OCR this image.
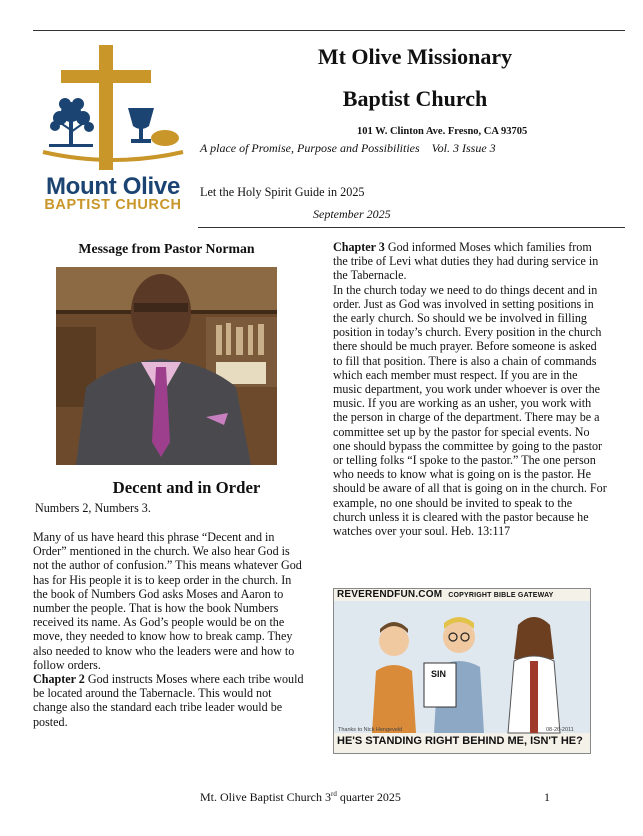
Mount Olive
BAPTIST CHURCH
Mt Olive Missionary
Baptist Church
101 W. Clinton Ave. Fresno, CA 93705
A place of Promise, Purpose and Possibilities Vol. 3 Issue 3
Let the Holy Spirit Guide in 2025
September 2025
Message from Pastor Norman
Decent and in Order
Numbers 2, Numbers 3.

Many of us have heard this phrase “Decent and in Order” mentioned in the church. We also hear God is not the author of confusion.” This means whatever God has for His people it is to keep order in the church. In the book of Numbers God asks Moses and Aaron to number the people. That is how the book Numbers received its name. As God’s people would be on the move, they needed to know how to break camp. They also needed to know who the leaders were and how to follow orders.

Chapter 2 God instructs Moses where each tribe would be located around the Tabernacle. This would not change also the standard each tribe leader would be posted.

Chapter 3 God informed Moses which families from the tribe of Levi what duties they had during service in the Tabernacle.

In the church today we need to do things decent and in order. Just as God was involved in setting positions in the early church. So should we be involved in filling position in today’s church. Every position in the church there should be much prayer. Before someone is asked to fill that position. There is also a chain of commands which each member must respect. If you are in the music department, you work under whoever is over the music. If you are working as an usher, you work with the person in charge of the department. There may be a committee set up by the pastor for special events. No one should bypass the committee by going to the pastor or telling folks “I spoke to the pastor.” The one person who needs to know what is going on is the pastor. He should be aware of all that is going on in the church. For example, no one should be invited to speak to the church unless it is cleared with the pastor because he watches over your soul. Heb. 13:117

SIN
Thanks to Nick Hengeveld	08-26-2011
REVERENDFUN.COM COPYRIGHT BIBLE GATEWAY
HE'S STANDING RIGHT BEHIND ME, ISN'T HE?
Mt. Olive Baptist Church 3rd quarter 2025	1
